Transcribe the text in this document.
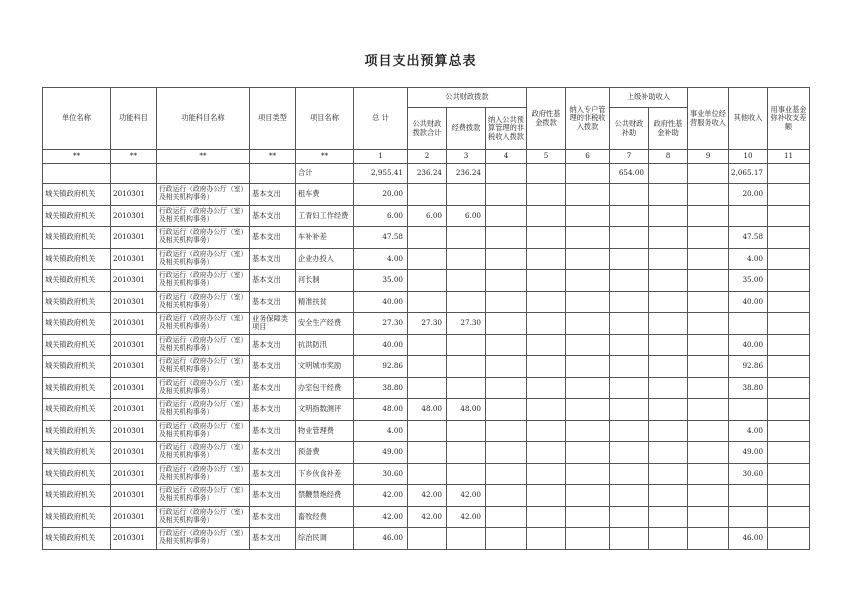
项目支出预算总表
单位名称	功能科目	功能科目名称	项目类型	项目名称	总 计	公共财政拨款			政府性基金拨款	纳入专户管理的非税收入拨款	上级补助收入		事业单位经营服务收入	其他收入	用事业基金弥补收支差额
						公共财政拨款合计	经费拨款	纳入公共预算管理的非税收入拨款			公共财政补助	政府性基金补助			

**	**	**	**	**	1	2	3	4	5	6	7	8	9	10	11
				合计	2,955.41	236.24	236.24				654.00			2,065.17	
城关镇政府机关	2010301	行政运行（政府办公厅（室）及相关机构事务）	基本支出	租车费	20.00									20.00	
城关镇政府机关	2010301	行政运行（政府办公厅（室）及相关机构事务）	基本支出	工青妇工作经费	6.00	6.00	6.00								
城关镇政府机关	2010301	行政运行（政府办公厅（室）及相关机构事务）	基本支出	车补补差	47.58									47.58	
城关镇政府机关	2010301	行政运行（政府办公厅（室）及相关机构事务）	基本支出	企业办投入	4.00									4.00	
城关镇政府机关	2010301	行政运行（政府办公厅（室）及相关机构事务）	基本支出	河长制	35.00									35.00	
城关镇政府机关	2010301	行政运行（政府办公厅（室）及相关机构事务）	基本支出	精准扶贫	40.00									40.00	
城关镇政府机关	2010301	行政运行（政府办公厅（室）及相关机构事务）	业务保障类项目	安全生产经费	27.30	27.30	27.30								
城关镇政府机关	2010301	行政运行（政府办公厅（室）及相关机构事务）	基本支出	抗洪防汛	40.00									40.00	
城关镇政府机关	2010301	行政运行（政府办公厅（室）及相关机构事务）	基本支出	文明城市奖励	92.86									92.86	
城关镇政府机关	2010301	行政运行（政府办公厅（室）及相关机构事务）	基本支出	办室包干经费	38.80									38.80	
城关镇政府机关	2010301	行政运行（政府办公厅（室）及相关机构事务）	基本支出	文明指数测评	48.00	48.00	48.00								
城关镇政府机关	2010301	行政运行（政府办公厅（室）及相关机构事务）	基本支出	物业管理费	4.00									4.00	
城关镇政府机关	2010301	行政运行（政府办公厅（室）及相关机构事务）	基本支出	预备费	49.00									49.00	
城关镇政府机关	2010301	行政运行（政府办公厅（室）及相关机构事务）	基本支出	下乡伙食补差	30.60									30.60	
城关镇政府机关	2010301	行政运行（政府办公厅（室）及相关机构事务）	基本支出	禁鞭禁炮经费	42.00	42.00	42.00								
城关镇政府机关	2010301	行政运行（政府办公厅（室）及相关机构事务）	基本支出	畜牧经费	42.00	42.00	42.00								
城关镇政府机关	2010301	行政运行（政府办公厅（室）及相关机构事务）	基本支出	综治民调	46.00									46.00	
